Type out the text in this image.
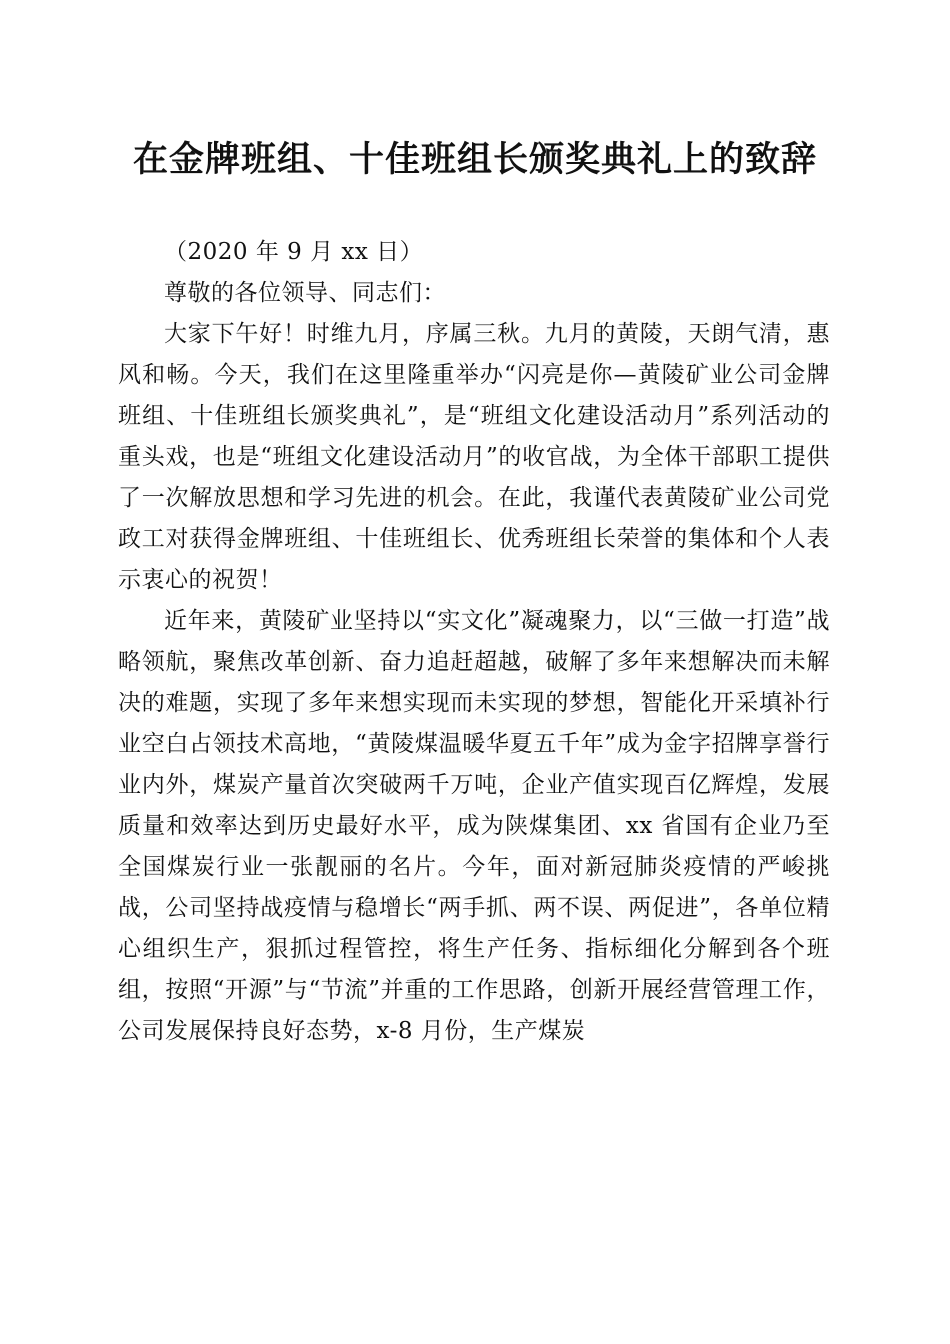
在金牌班组、十佳班组长颁奖典礼上的致辞

（2020 年 9 月 xx 日）

尊敬的各位领导、同志们：

大家下午好！时维九月，序属三秋。九月的黄陵，天朗气清，惠风和畅。今天，我们在这里隆重举办“闪亮是你—黄陵矿业公司金牌班组、十佳班组长颁奖典礼”，是“班组文化建设活动月”系列活动的重头戏，也是“班组文化建设活动月”的收官战，为全体干部职工提供了一次解放思想和学习先进的机会。在此，我谨代表黄陵矿业公司党政工对获得金牌班组、十佳班组长、优秀班组长荣誉的集体和个人表示衷心的祝贺！

近年来，黄陵矿业坚持以“实文化”凝魂聚力，以“三做一打造”战略领航，聚焦改革创新、奋力追赶超越，破解了多年来想解决而未解决的难题，实现了多年来想实现而未实现的梦想，智能化开采填补行业空白占领技术高地，“黄陵煤温暖华夏五千年”成为金字招牌享誉行业内外，煤炭产量首次突破两千万吨，企业产值实现百亿辉煌，发展质量和效率达到历史最好水平，成为陕煤集团、xx 省国有企业乃至全国煤炭行业一张靓丽的名片。今年，面对新冠肺炎疫情的严峻挑战，公司坚持战疫情与稳增长“两手抓、两不误、两促进”，各单位精心组织生产，狠抓过程管控，将生产任务、指标细化分解到各个班组，按照“开源”与“节流”并重的工作思路，创新开展经营管理工作，公司发展保持良好态势，x-8 月份，生产煤炭
